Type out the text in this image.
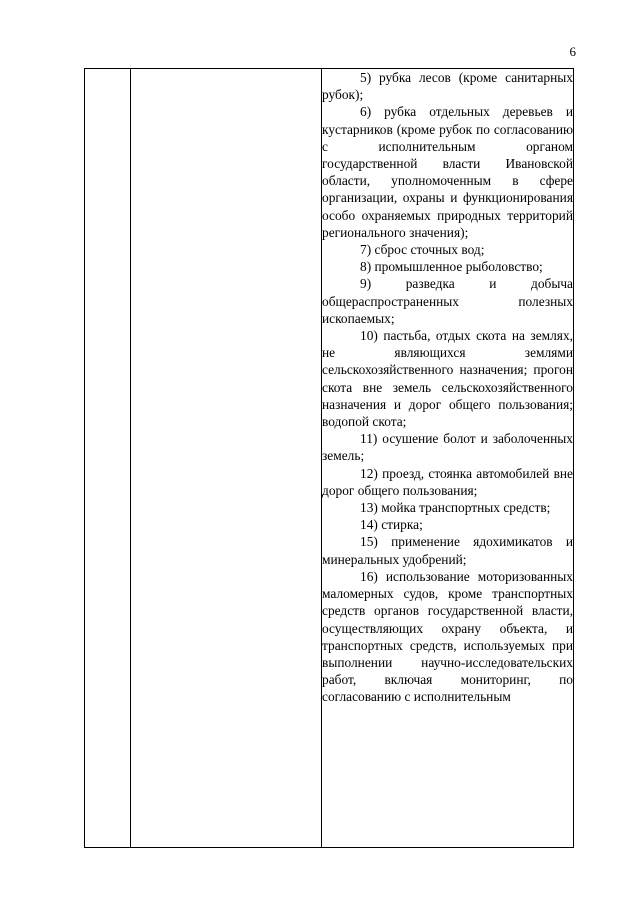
6

5) рубка лесов (кроме санитарных рубок);

6) рубка отдельных деревьев и кустарников (кроме рубок по согласованию с исполнительным органом государственной власти Ивановской области, уполномоченным в сфере организации, охраны и функционирования особо охраняемых природных территорий регионального значения);

7) сброс сточных вод;

8) промышленное рыболовство;

9) разведка и добыча общераспространенных полезных ископаемых;

10) пастьба, отдых скота на землях, не являющихся землями сельскохозяйственного назначения; прогон скота вне земель сельскохозяйственного назначения и дорог общего пользования; водопой скота;

11) осушение болот и заболоченных земель;

12) проезд, стоянка автомобилей вне дорог общего пользования;

13) мойка транспортных средств;

14) стирка;

15) применение ядохимикатов и минеральных удобрений;

16) использование моторизованных маломерных судов, кроме транспортных средств органов государственной власти, осуществляющих охрану объекта, и транспортных средств, используемых при выполнении научно-исследовательских работ, включая мониторинг, по согласованию с исполнительным
